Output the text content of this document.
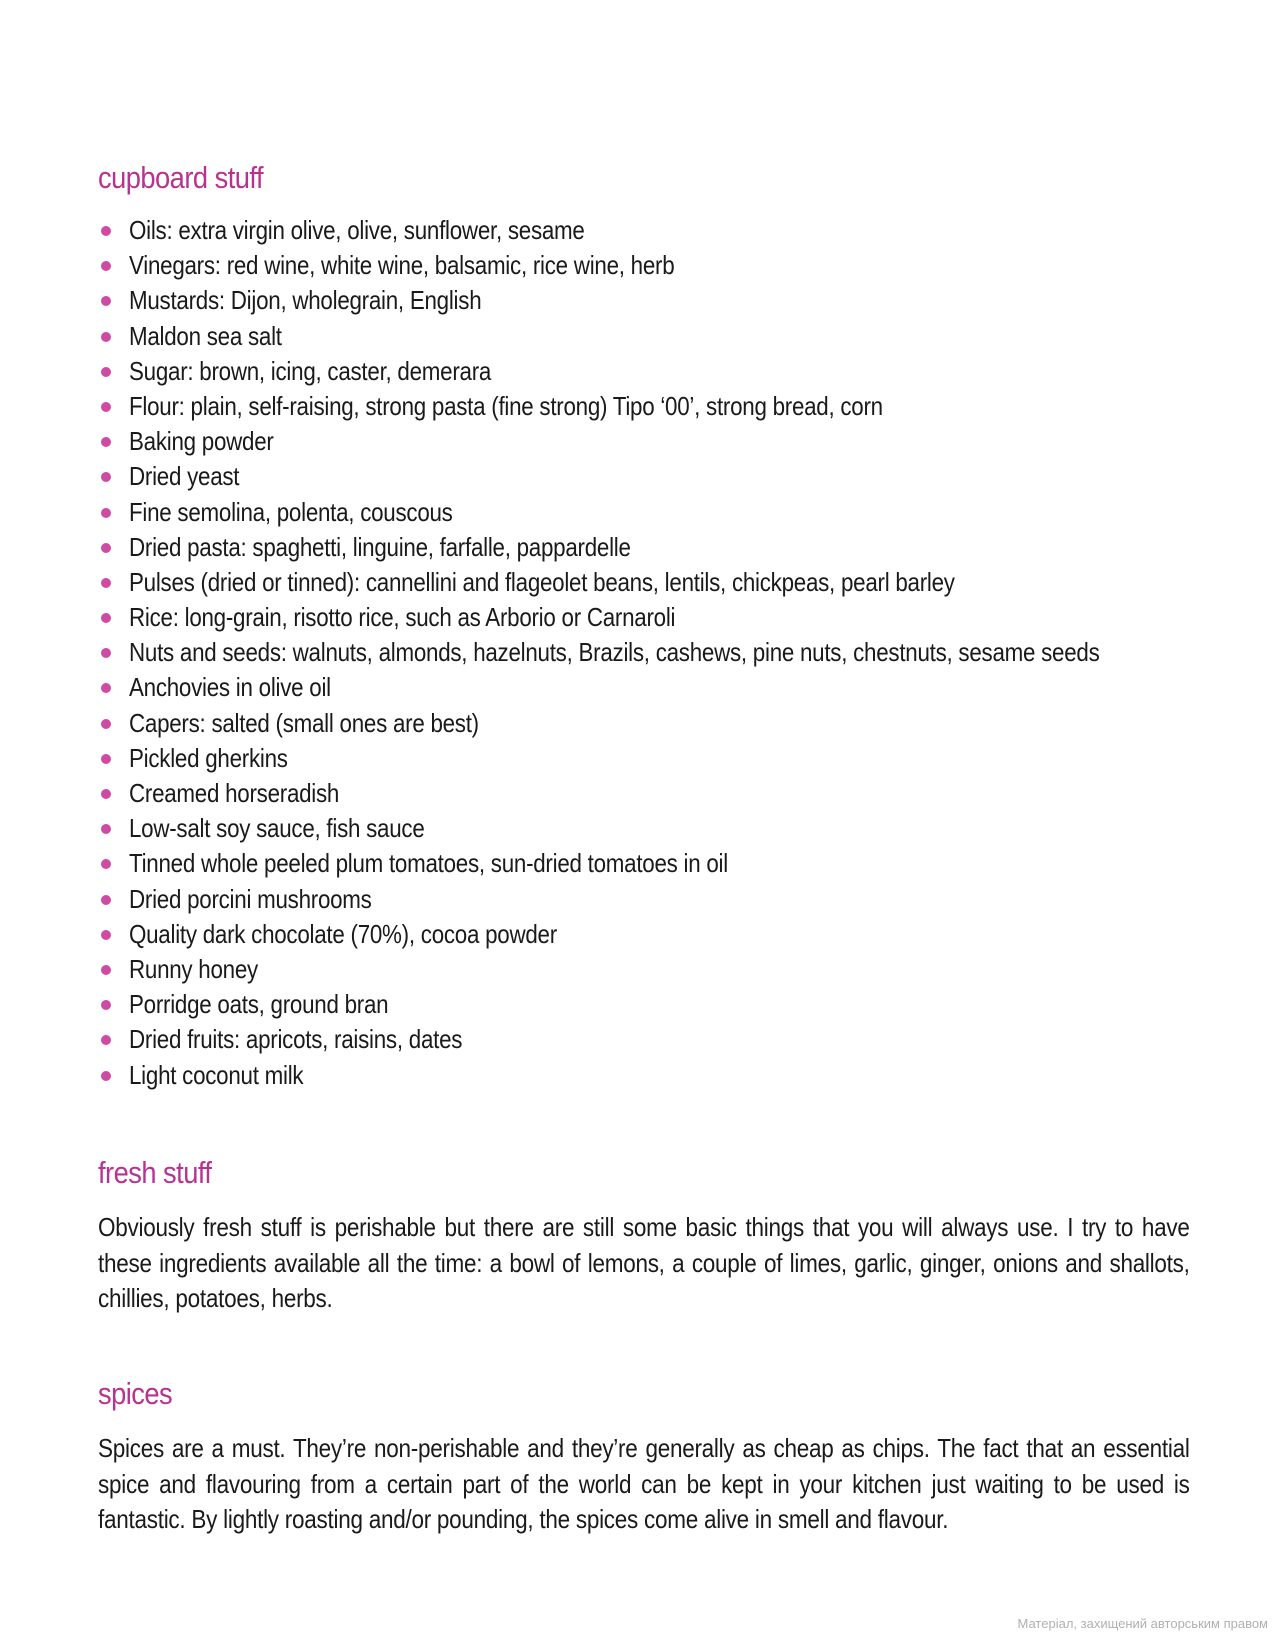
cupboard stuff
Oils: extra virgin olive, olive, sunflower, sesame
Vinegars: red wine, white wine, balsamic, rice wine, herb
Mustards: Dijon, wholegrain, English
Maldon sea salt
Sugar: brown, icing, caster, demerara
Flour: plain, self-raising, strong pasta (fine strong) Tipo ‘00’, strong bread, corn
Baking powder
Dried yeast
Fine semolina, polenta, couscous
Dried pasta: spaghetti, linguine, farfalle, pappardelle
Pulses (dried or tinned): cannellini and flageolet beans, lentils, chickpeas, pearl barley
Rice: long-grain, risotto rice, such as Arborio or Carnaroli
Nuts and seeds: walnuts, almonds, hazelnuts, Brazils, cashews, pine nuts, chestnuts, sesame seeds
Anchovies in olive oil
Capers: salted (small ones are best)
Pickled gherkins
Creamed horseradish
Low-salt soy sauce, fish sauce
Tinned whole peeled plum tomatoes, sun-dried tomatoes in oil
Dried porcini mushrooms
Quality dark chocolate (70%), cocoa powder
Runny honey
Porridge oats, ground bran
Dried fruits: apricots, raisins, dates
Light coconut milk
fresh stuff

Obviously fresh stuff is perishable but there are still some basic things that you will always use. I try to have these ingredients available all the time: a bowl of lemons, a couple of limes, garlic, ginger, onions and shallots, chillies, potatoes, herbs.

spices

Spices are a must. They’re non-perishable and they’re generally as cheap as chips. The fact that an essential spice and flavouring from a certain part of the world can be kept in your kitchen just waiting to be used is fantastic. By lightly roasting and/or pounding, the spices come alive in smell and flavour.

Матеріал, захищений авторським правом
